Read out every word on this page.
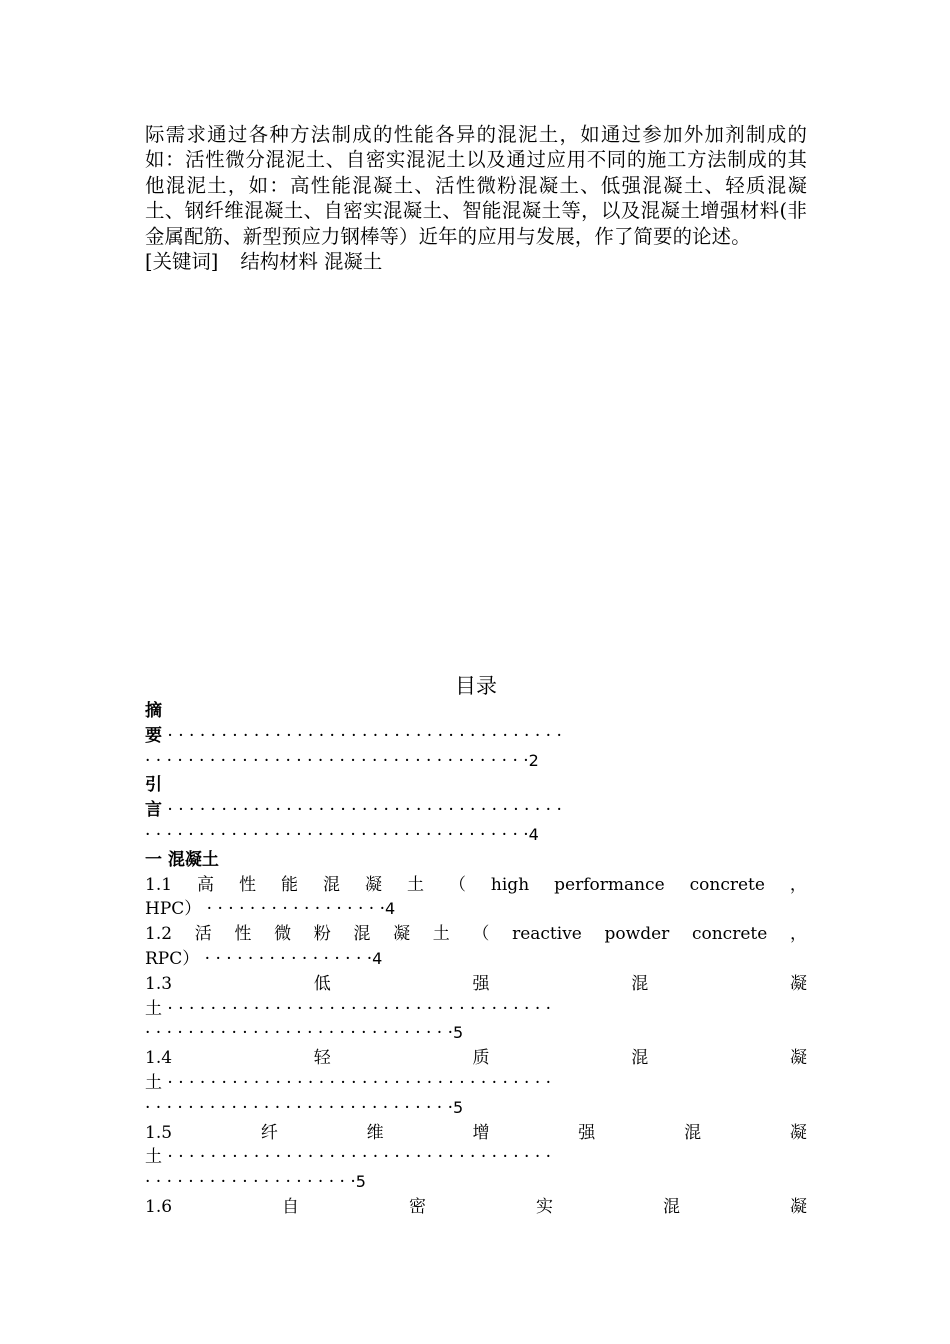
际需求通过各种方法制成的性能各异的混泥土，如通过参加外加剂制成的如：活性微分混泥土、自密实混泥土以及通过应用不同的施工方法制成的其他混泥土，如：高性能混凝土、活性微粉混凝土、低强混凝土、轻质混凝土、钢纤维混凝土、自密实混凝土、智能混凝土等，以及混凝土增强材料(非金属配筋、新型预应力钢棒等）近年的应用与发展，作了简要的论述。

[关键词] 结构材料 混凝土

目录
摘
要 · · · · · · · · · · · · · · · · · · · · · · · · · · · · · · · · · · · · ·
· · · · · · · · · · · · · · · · · · · · · · · · · · · · · · · · · · · ·2
引
言 · · · · · · · · · · · · · · · · · · · · · · · · · · · · · · · · · · · · ·
· · · · · · · · · · · · · · · · · · · · · · · · · · · · · · · · · · · ·4
一 混凝土
1.1 高 性 能 混 凝 土 （ high performance concrete ，
HPC） · · · · · · · · · · · · · · · · ·4
1.2 活 性 微 粉 混 凝 土 （ reactive powder concrete ，
RPC） · · · · · · · · · · · · · · · ·4
1.3	低	强	混	凝
土 · · · · · · · · · · · · · · · · · · · · · · · · · · · · · · · · · · · ·
· · · · · · · · · · · · · · · · · · · · · · · · · · · · ·5
1.4	轻	质	混	凝
土 · · · · · · · · · · · · · · · · · · · · · · · · · · · · · · · · · · · ·
· · · · · · · · · · · · · · · · · · · · · · · · · · · · ·5
1.5	纤	维	增	强	混	凝
土 · · · · · · · · · · · · · · · · · · · · · · · · · · · · · · · · · · · ·
· · · · · · · · · · · · · · · · · · · ·5
1.6	自	密	实	混	凝
